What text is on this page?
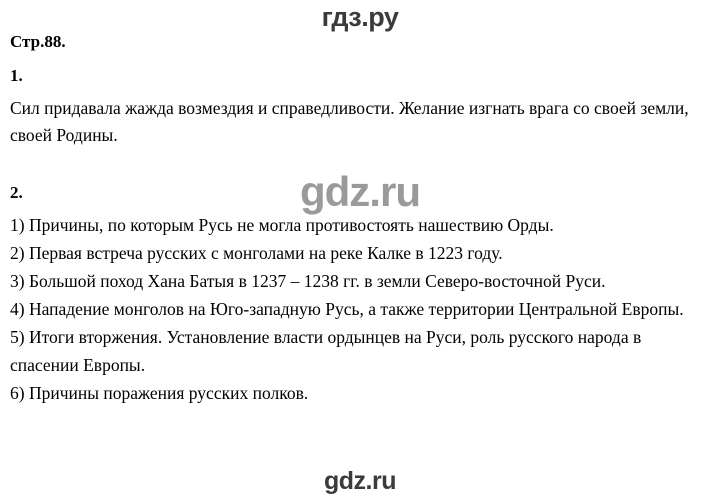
гдз.ру
Стр.88.
1.

Сил придавала жажда возмездия и справедливости. Желание изгнать врага со своей земли, своей Родины.

2.
1) Причины, по которым Русь не могла противостоять нашествию Орды.
2) Первая встреча русских с монголами на реке Калке в 1223 году.
3) Большой поход Хана Батыя в 1237 – 1238 гг. в земли Северо-восточной Руси.
4) Нападение монголов на Юго-западную Русь, а также территории Центральной Европы.
5) Итоги вторжения. Установление власти ордынцев на Руси, роль русского народа в спасении Европы.
6) Причины поражения русских полков.
gdz.ru
gdz.ru
